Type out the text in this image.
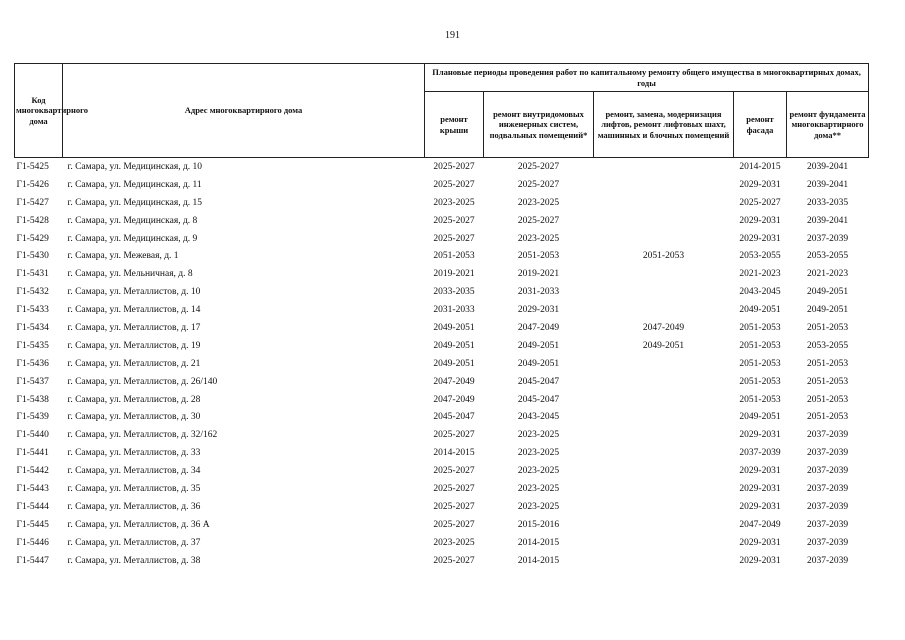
191
Код многоквартирного дома	Адрес многоквартирного дома	Плановые периоды проведения работ по капитальному ремонту общего имущества в многоквартирных домах, годы				
		ремонт крыши	ремонт внутридомовых инженерных систем, подвальных помещений*	ремонт, замена, модернизация лифтов, ремонт лифтовых шахт, машинных и блочных помещений	ремонт фасада	ремонт фундамента многоквартирного дома**
Г1-5425	г. Самара, ул. Медицинская, д. 10	2025-2027	2025-2027		2014-2015	2039-2041
Г1-5426	г. Самара, ул. Медицинская, д. 11	2025-2027	2025-2027		2029-2031	2039-2041
Г1-5427	г. Самара, ул. Медицинская, д. 15	2023-2025	2023-2025		2025-2027	2033-2035
Г1-5428	г. Самара, ул. Медицинская, д. 8	2025-2027	2025-2027		2029-2031	2039-2041
Г1-5429	г. Самара, ул. Медицинская, д. 9	2025-2027	2023-2025		2029-2031	2037-2039
Г1-5430	г. Самара, ул. Межевая, д. 1	2051-2053	2051-2053	2051-2053	2053-2055	2053-2055
Г1-5431	г. Самара, ул. Мельничная, д. 8	2019-2021	2019-2021		2021-2023	2021-2023
Г1-5432	г. Самара, ул. Металлистов, д. 10	2033-2035	2031-2033		2043-2045	2049-2051
Г1-5433	г. Самара, ул. Металлистов, д. 14	2031-2033	2029-2031		2049-2051	2049-2051
Г1-5434	г. Самара, ул. Металлистов, д. 17	2049-2051	2047-2049	2047-2049	2051-2053	2051-2053
Г1-5435	г. Самара, ул. Металлистов, д. 19	2049-2051	2049-2051	2049-2051	2051-2053	2053-2055
Г1-5436	г. Самара, ул. Металлистов, д. 21	2049-2051	2049-2051		2051-2053	2051-2053
Г1-5437	г. Самара, ул. Металлистов, д. 26/140	2047-2049	2045-2047		2051-2053	2051-2053
Г1-5438	г. Самара, ул. Металлистов, д. 28	2047-2049	2045-2047		2051-2053	2051-2053
Г1-5439	г. Самара, ул. Металлистов, д. 30	2045-2047	2043-2045		2049-2051	2051-2053
Г1-5440	г. Самара, ул. Металлистов, д. 32/162	2025-2027	2023-2025		2029-2031	2037-2039
Г1-5441	г. Самара, ул. Металлистов, д. 33	2014-2015	2023-2025		2037-2039	2037-2039
Г1-5442	г. Самара, ул. Металлистов, д. 34	2025-2027	2023-2025		2029-2031	2037-2039
Г1-5443	г. Самара, ул. Металлистов, д. 35	2025-2027	2023-2025		2029-2031	2037-2039
Г1-5444	г. Самара, ул. Металлистов, д. 36	2025-2027	2023-2025		2029-2031	2037-2039
Г1-5445	г. Самара, ул. Металлистов, д. 36 А	2025-2027	2015-2016		2047-2049	2037-2039
Г1-5446	г. Самара, ул. Металлистов, д. 37	2023-2025	2014-2015		2029-2031	2037-2039
Г1-5447	г. Самара, ул. Металлистов, д. 38	2025-2027	2014-2015		2029-2031	2037-2039
